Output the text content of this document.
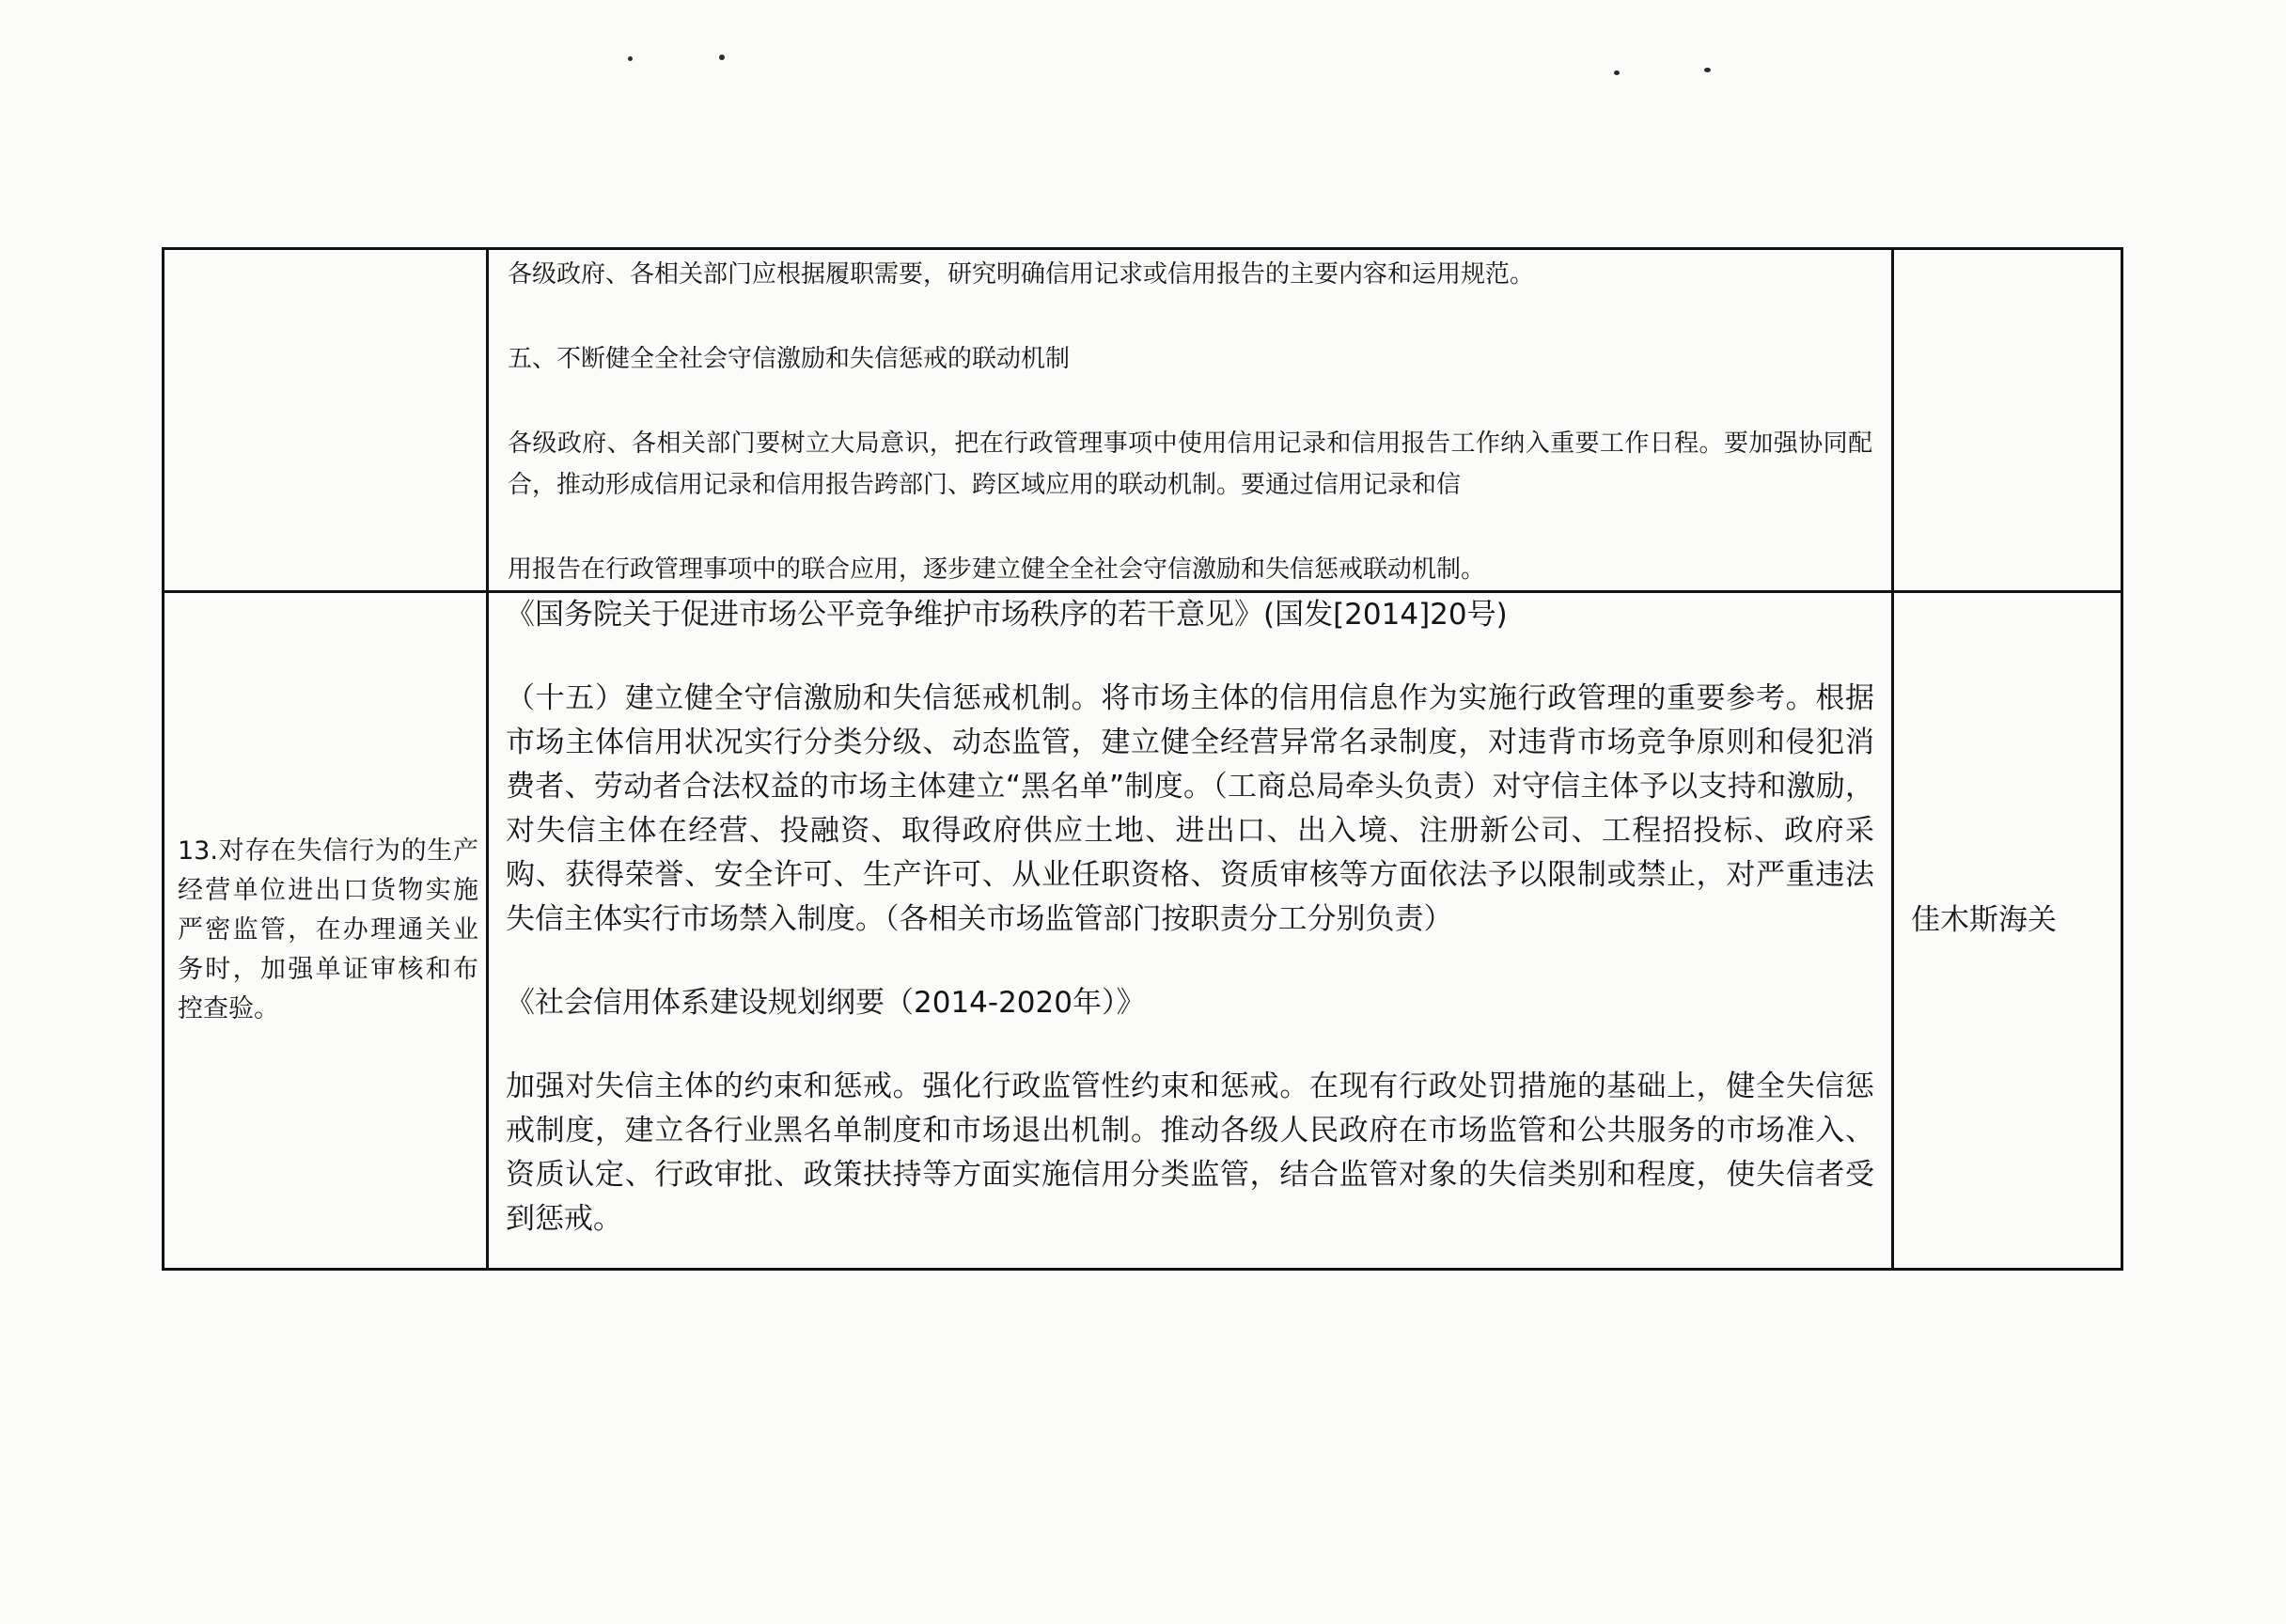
	各级政府、各相关部门应根据履职需要，研究明确信用记求或信用报告的主要内容和运用规范。

五、不断健全全社会守信激励和失信惩戒的联动机制

各级政府、各相关部门要树立大局意识，把在行政管理事项中使用信用记录和信用报告工作纳入重要工作日程。要加强协同配合，推动形成信用记录和信用报告跨部门、跨区域应用的联动机制。要通过信用记录和信

用报告在行政管理事项中的联合应用，逐步建立健全全社会守信激励和失信惩戒联动机制。	

13.对存在失信行为的生产经营单位进出口货物实施严密监管，在办理通关业务时，加强单证审核和布控查验。	《国务院关于促进市场公平竞争维护市场秩序的若干意见》(国发[2014]20号)

（十五）建立健全守信激励和失信惩戒机制。将市场主体的信用信息作为实施行政管理的重要参考。根据市场主体信用状况实行分类分级、动态监管，建立健全经营异常名录制度，对违背市场竞争原则和侵犯消费者、劳动者合法权益的市场主体建立“黑名单”制度。（工商总局牵头负责）对守信主体予以支持和激励，对失信主体在经营、投融资、取得政府供应土地、进出口、出入境、注册新公司、工程招投标、政府采购、获得荣誉、安全许可、生产许可、从业任职资格、资质审核等方面依法予以限制或禁止，对严重违法失信主体实行市场禁入制度。（各相关市场监管部门按职责分工分别负责）

《社会信用体系建设规划纲要（2014-2020年）》

加强对失信主体的约束和惩戒。强化行政监管性约束和惩戒。在现有行政处罚措施的基础上，健全失信惩戒制度，建立各行业黑名单制度和市场退出机制。推动各级人民政府在市场监管和公共服务的市场准入、资质认定、行政审批、政策扶持等方面实施信用分类监管，结合监管对象的失信类别和程度，使失信者受到惩戒。	佳木斯海关
